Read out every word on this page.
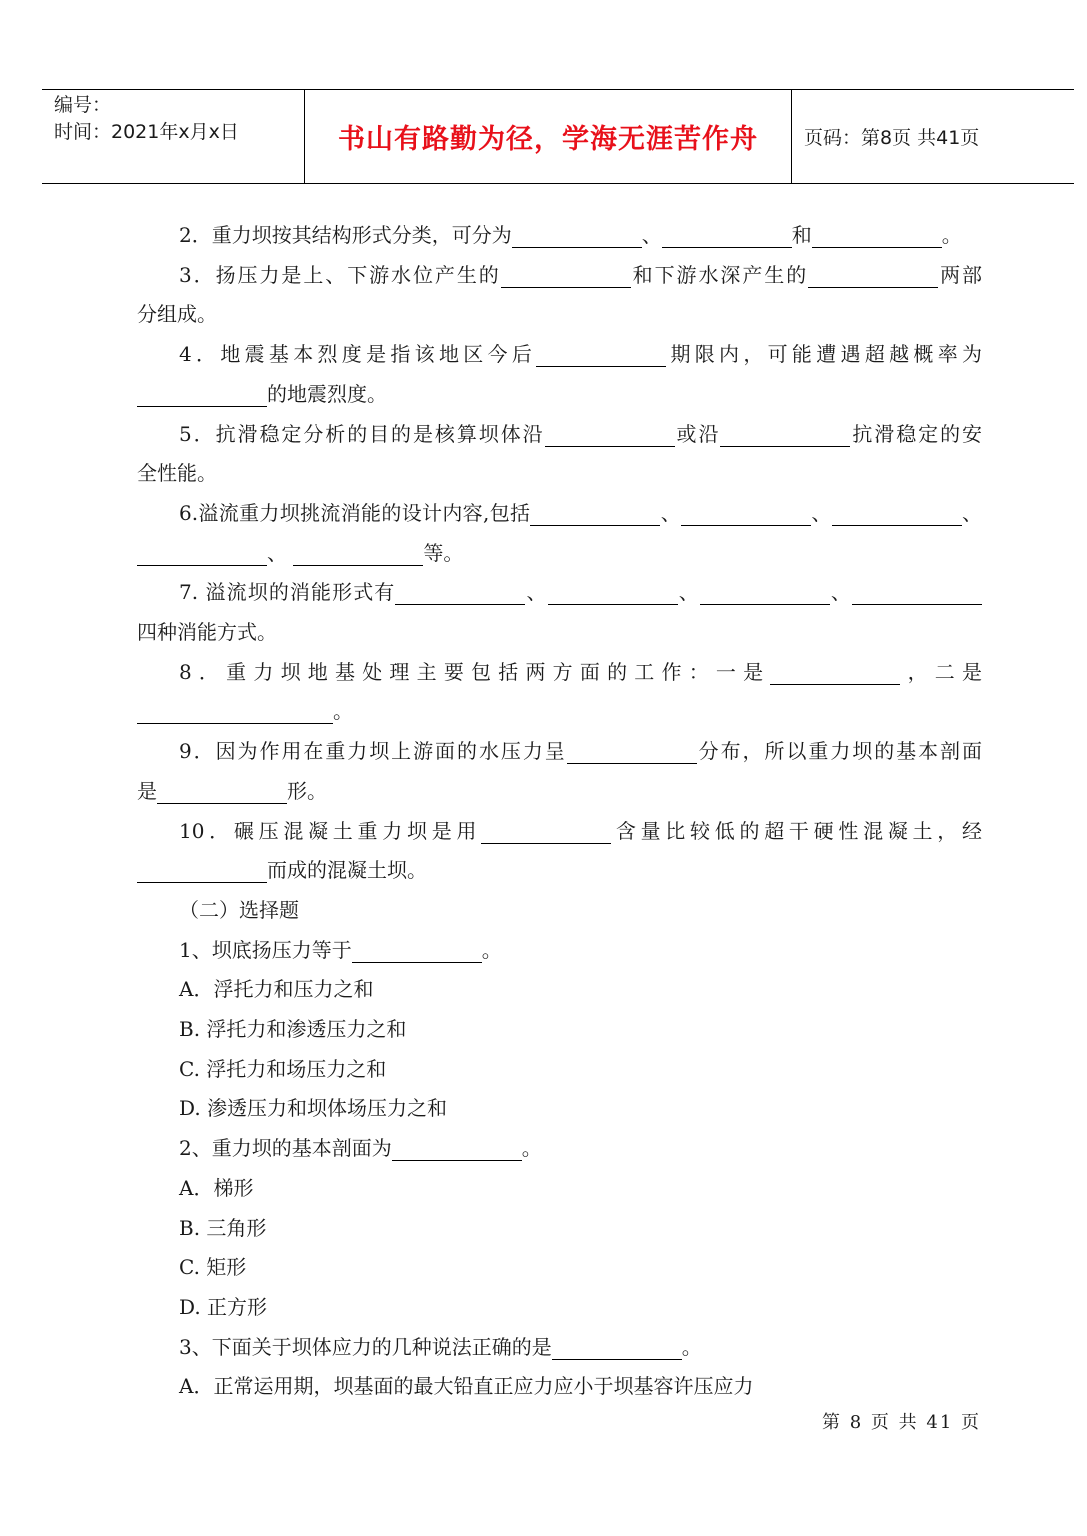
编号：
时间：2021年x月x日	书山有路勤为径，学海无涯苦作舟	页码：第8页 共41页
2．重力坝按其结构形式分类，可分为	、	和	。
3．扬压力是上、下游水位产生的	和下游水深产生的	两部
分组成。
4．地震基本烈度是指该地区今后	期限内，可能遭遇超越概率为
的地震烈度。
5．抗滑稳定分析的目的是核算坝体沿	或沿	抗滑稳定的安
全性能。
6.溢流重力坝挑流消能的设计内容,包括	、	、	、
、	等。
7. 溢流坝的消能形式有	、	、	、
四种消能方式。
8．重力坝地基处理主要包括两方面的工作：一是	，二是
。
9．因为作用在重力坝上游面的水压力呈	分布，所以重力坝的基本剖面
是	形。
10．碾压混凝土重力坝是用	含量比较低的超干硬性混凝土，经
而成的混凝土坝。
（二）选择题
1、坝底扬压力等于	。
A．浮托力和压力之和
B. 浮托力和渗透压力之和
C. 浮托力和场压力之和
D. 渗透压力和坝体场压力之和
2、重力坝的基本剖面为	。
A．梯形
B. 三角形
C. 矩形
D. 正方形
3、下面关于坝体应力的几种说法正确的是	。
A．正常运用期，坝基面的最大铅直正应力应小于坝基容许压应力
第 8 页 共 41 页
